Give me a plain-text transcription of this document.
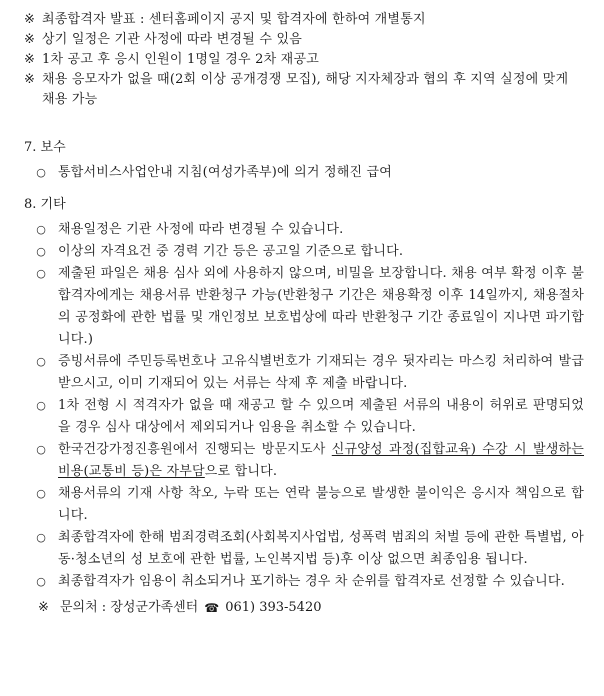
※ 최종합격자 발표 : 센터홈페이지 공지 및 합격자에 한하여 개별통지
※ 상기 일정은 기관 사정에 따라 변경될 수 있음
※ 1차 공고 후 응시 인원이 1명일 경우 2차 재공고
※ 채용 응모자가 없을 때(2회 이상 공개경쟁 모집), 해당 지자체장과 협의 후 지역 실정에 맞게 채용 가능
7. 보수
○ 통합서비스사업안내 지침(여성가족부)에 의거 정해진 급여
8. 기타
○ 채용일정은 기관 사정에 따라 변경될 수 있습니다.
○ 이상의 자격요건 중 경력 기간 등은 공고일 기준으로 합니다.
○ 제출된 파일은 채용 심사 외에 사용하지 않으며, 비밀을 보장합니다. 채용 여부 확정 이후 불합격자에게는 채용서류 반환청구 가능(반환청구 기간은 채용확정 이후 14일까지, 채용절차의 공정화에 관한 법률 및 개인정보 보호법상에 따라 반환청구 기간 종료일이 지나면 파기합니다.)
○ 증빙서류에 주민등록번호나 고유식별번호가 기재되는 경우 뒷자리는 마스킹 처리하여 발급받으시고, 이미 기재되어 있는 서류는 삭제 후 제출 바랍니다.
○ 1차 전형 시 적격자가 없을 때 재공고 할 수 있으며 제출된 서류의 내용이 허위로 판명되었을 경우 심사 대상에서 제외되거나 임용을 취소할 수 있습니다.
○ 한국건강가정진흥원에서 진행되는 방문지도사 신규양성 과정(집합교육) 수강 시 발생하는 비용(교통비 등)은 자부담으로 합니다.
○ 채용서류의 기재 사항 착오, 누락 또는 연락 불능으로 발생한 불이익은 응시자 책임으로 합니다.
○ 최종합격자에 한해 범죄경력조회(사회복지사업법, 성폭력 범죄의 처벌 등에 관한 특별법, 아동·청소년의 성 보호에 관한 법률, 노인복지법 등)후 이상 없으면 최종임용 됩니다.
○ 최종합격자가 임용이 취소되거나 포기하는 경우 차 순위를 합격자로 선정할 수 있습니다.
※ 문의처 : 장성군가족센터 ☎ 061) 393-5420
